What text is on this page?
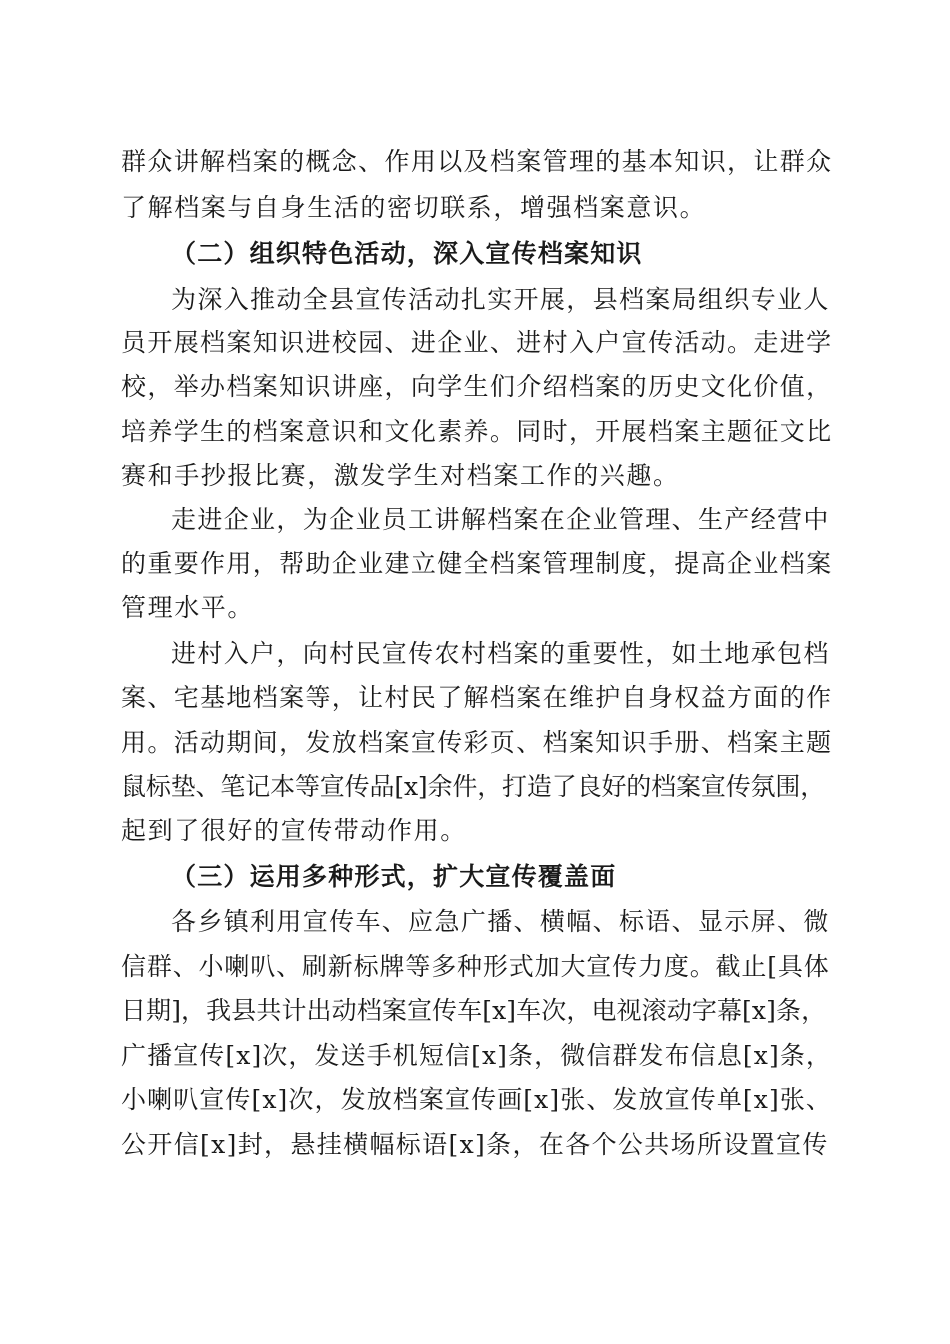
群众讲解档案的概念、作用以及档案管理的基本知识，让群众
了解档案与自身生活的密切联系，增强档案意识。
（二）组织特色活动，深入宣传档案知识
为深入推动全县宣传活动扎实开展，县档案局组织专业人
员开展档案知识进校园、进企业、进村入户宣传活动。走进学
校，举办档案知识讲座，向学生们介绍档案的历史文化价值，
培养学生的档案意识和文化素养。同时，开展档案主题征文比
赛和手抄报比赛，激发学生对档案工作的兴趣。
走进企业，为企业员工讲解档案在企业管理、生产经营中
的重要作用，帮助企业建立健全档案管理制度，提高企业档案
管理水平。
进村入户，向村民宣传农村档案的重要性，如土地承包档
案、宅基地档案等，让村民了解档案在维护自身权益方面的作
用。活动期间，发放档案宣传彩页、档案知识手册、档案主题
鼠标垫、笔记本等宣传品[x]余件，打造了良好的档案宣传氛围，
起到了很好的宣传带动作用。
（三）运用多种形式，扩大宣传覆盖面
各乡镇利用宣传车、应急广播、横幅、标语、显示屏、微
信群、小喇叭、刷新标牌等多种形式加大宣传力度。截止[具体
日期]，我县共计出动档案宣传车[x]车次，电视滚动字幕[x]条，
广播宣传[x]次，发送手机短信[x]条，微信群发布信息[x]条，
小喇叭宣传[x]次，发放档案宣传画[x]张、发放宣传单[x]张、
公开信[x]封，悬挂横幅标语[x]条，在各个公共场所设置宣传
